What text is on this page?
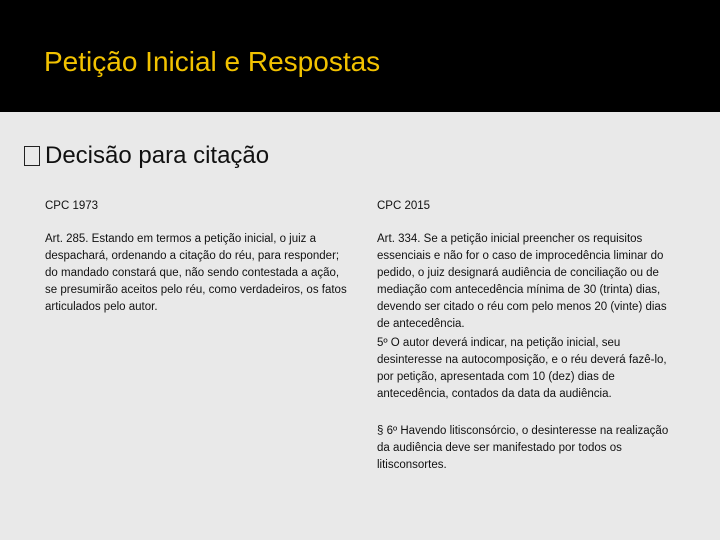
Petição Inicial e Respostas
Decisão para citação

CPC 1973

Art. 285. Estando em termos a petição inicial, o juiz a despachará, ordenando a citação do réu, para responder; do mandado constará que, não sendo contestada a ação, se presumirão aceitos pelo réu, como verdadeiros, os fatos articulados pelo autor.

CPC 2015

Art. 334. Se a petição inicial preencher os requisitos essenciais e não for o caso de improcedência liminar do pedido, o juiz designará audiência de conciliação ou de mediação com antecedência mínima de 30 (trinta) dias, devendo ser citado o réu com pelo menos 20 (vinte) dias de antecedência.

5º O autor deverá indicar, na petição inicial, seu desinteresse na autocomposição, e o réu deverá fazê-lo, por petição, apresentada com 10 (dez) dias de antecedência, contados da data da audiência.

§ 6º Havendo litisconsórcio, o desinteresse na realização da audiência deve ser manifestado por todos os litisconsortes.
